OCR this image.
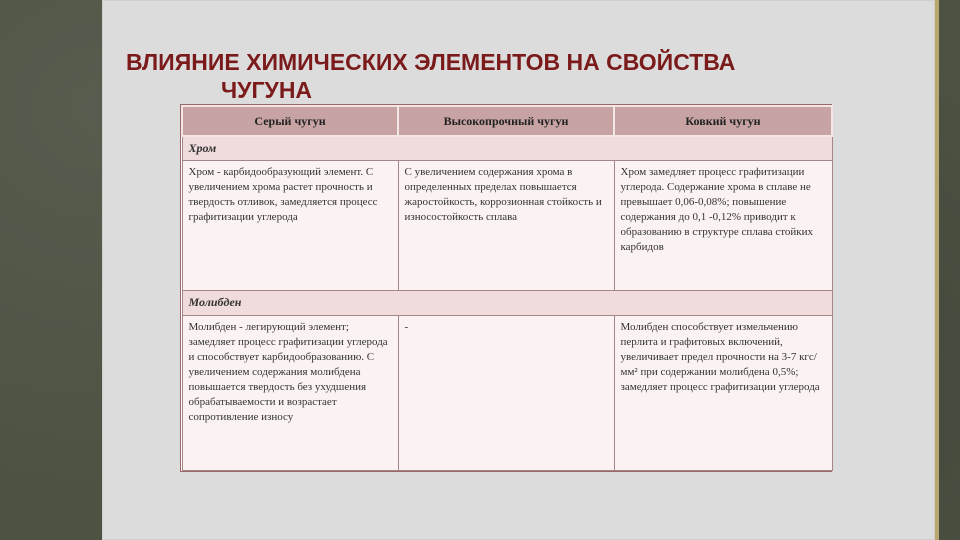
ВЛИЯНИЕ ХИМИЧЕСКИХ ЭЛЕМЕНТОВ НА СВОЙСТВА
ЧУГУНА
Серый чугун	Высокопрочный чугун	Ковкий чугун
Хром		
Хром - карбидообразующий элемент. С увеличением хрома растет прочность и твердость отливок, замедляется процесс графитизации углерода	С увеличением содержания хрома в определенных пределах повышается жаростойкость, коррозионная стойкость и износостойкость сплава	Хром замедляет процесс графитизации углерода. Содержание хрома в сплаве не превышает 0,06-0,08%; повышение содержания до 0,1 -0,12% приводит к образованию в структуре сплава стойких карбидов
Молибден		
Молибден - легирующий элемент; замедляет процесс графитизации углерода и способствует карбидообразованию. С увеличением содержания молибдена повышается твердость без ухудшения обрабатываемости и возрастает сопротивление износу	-	Молибден способствует измельчению перлита и графитовых включений, увеличивает предел прочности на 3-7 кгс/мм² при содержании молибдена 0,5%; замедляет процесс графитизации углерода
